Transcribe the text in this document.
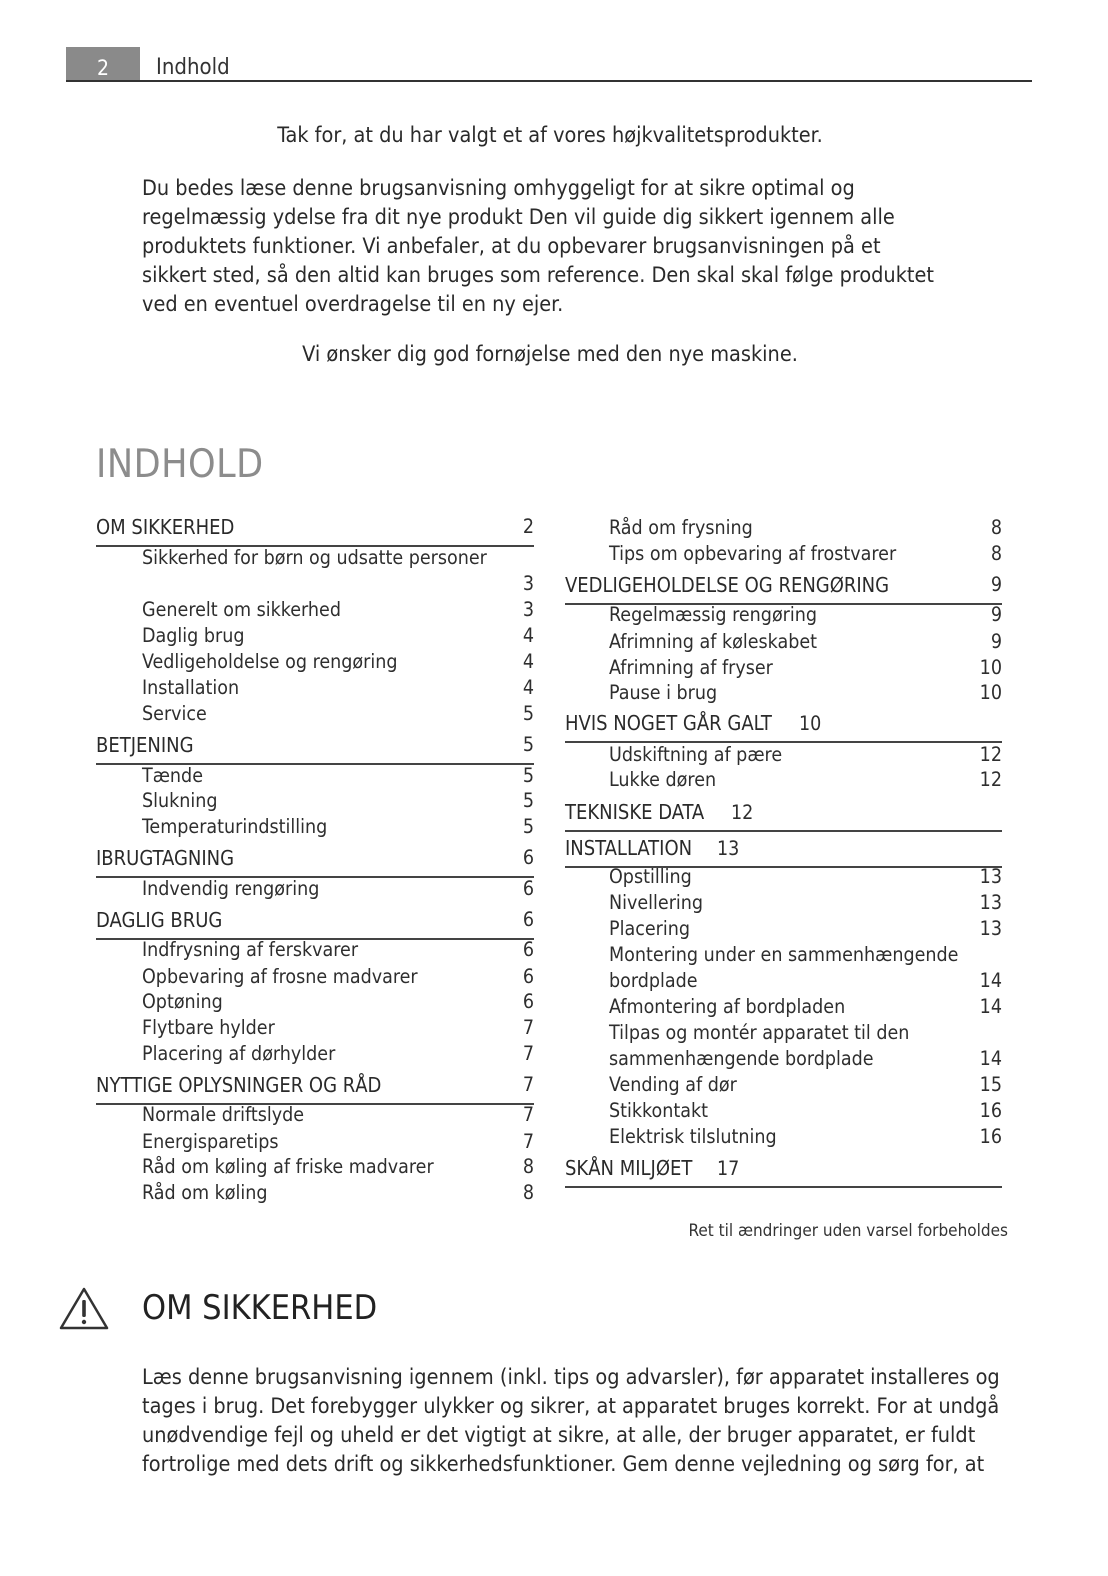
2 Indhold
Tak for, at du har valgt et af vores højkvalitetsprodukter.
Du bedes læse denne brugsanvisning omhyggeligt for at sikre optimal og
regelmæssig ydelse fra dit nye produkt Den vil guide dig sikkert igennem alle
produktets funktioner. Vi anbefaler, at du opbevarer brugsanvisningen på et
sikkert sted, så den altid kan bruges som reference. Den skal skal følge produktet
ved en eventuel overdragelse til en ny ejer.
Vi ønsker dig god fornøjelse med den nye maskine.
INDHOLD
OM SIKKERHED	2
Sikkerhed for børn og udsatte personer
3
Generelt om sikkerhed	3
Daglig brug	4
Vedligeholdelse og rengøring	4
Installation	4
Service	5
BETJENING	5
Tænde	5
Slukning	5
Temperaturindstilling	5
IBRUGTAGNING	6
Indvendig rengøring	6
DAGLIG BRUG	6
Indfrysning af ferskvarer	6
Opbevaring af frosne madvarer	6
Optøning	6
Flytbare hylder	7
Placering af dørhylder	7
NYTTIGE OPLYSNINGER OG RÅD	7
Normale driftslyde	7
Energisparetips	7
Råd om køling af friske madvarer	8
Råd om køling	8
Råd om frysning	8
Tips om opbevaring af frostvarer	8
VEDLIGEHOLDELSE OG RENGØRING	9
Regelmæssig rengøring	9
Afrimning af køleskabet	9
Afrimning af fryser	10
Pause i brug	10
HVIS NOGET GÅR GALT 10
Udskiftning af pære	12
Lukke døren	12
TEKNISKE DATA 12
INSTALLATION 13
Opstilling	13
Nivellering	13
Placering	13
Montering under en sammenhængende
bordplade	14
Afmontering af bordpladen	14
Tilpas og montér apparatet til den
sammenhængende bordplade	14
Vending af dør	15
Stikkontakt	16
Elektrisk tilslutning	16
SKÅN MILJØET 17
Ret til ændringer uden varsel forbeholdes
OM SIKKERHED
Læs denne brugsanvisning igennem (inkl. tips og advarsler), før apparatet installeres og
tages i brug. Det forebygger ulykker og sikrer, at apparatet bruges korrekt. For at undgå
unødvendige fejl og uheld er det vigtigt at sikre, at alle, der bruger apparatet, er fuldt
fortrolige med dets drift og sikkerhedsfunktioner. Gem denne vejledning og sørg for, at
